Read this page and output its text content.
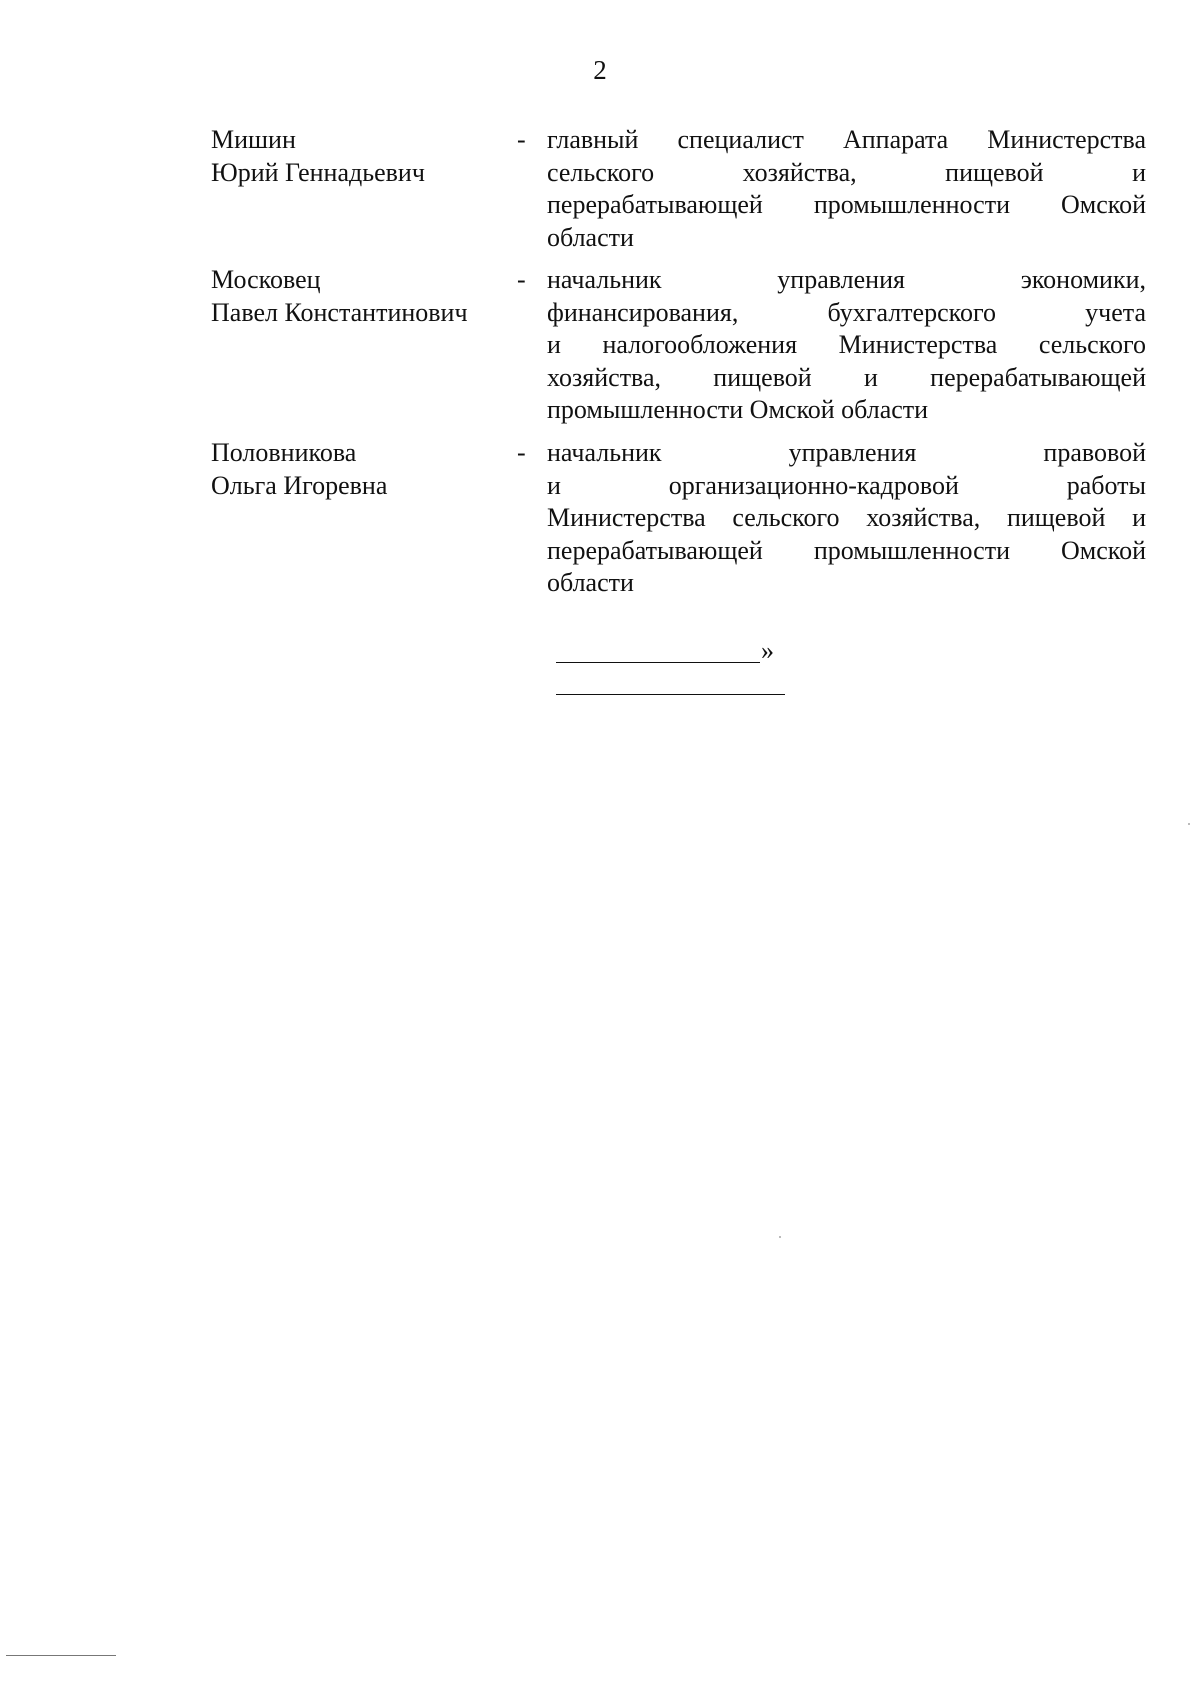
2
Мишин
Юрий Геннадьевич
- главный специалист Аппарата Министерства
сельского хозяйства, пищевой и
перерабатывающей промышленности Омской
области
Московец
Павел Константинович
- начальник управления экономики,
финансирования, бухгалтерского учета
и налогообложения Министерства сельского
хозяйства, пищевой и перерабатывающей
промышленности Омской области
Половникова
Ольга Игоревна
- начальник управления правовой
и организационно-кадровой работы
Министерства сельского хозяйства, пищевой и
перерабатывающей промышленности Омской
области
»
